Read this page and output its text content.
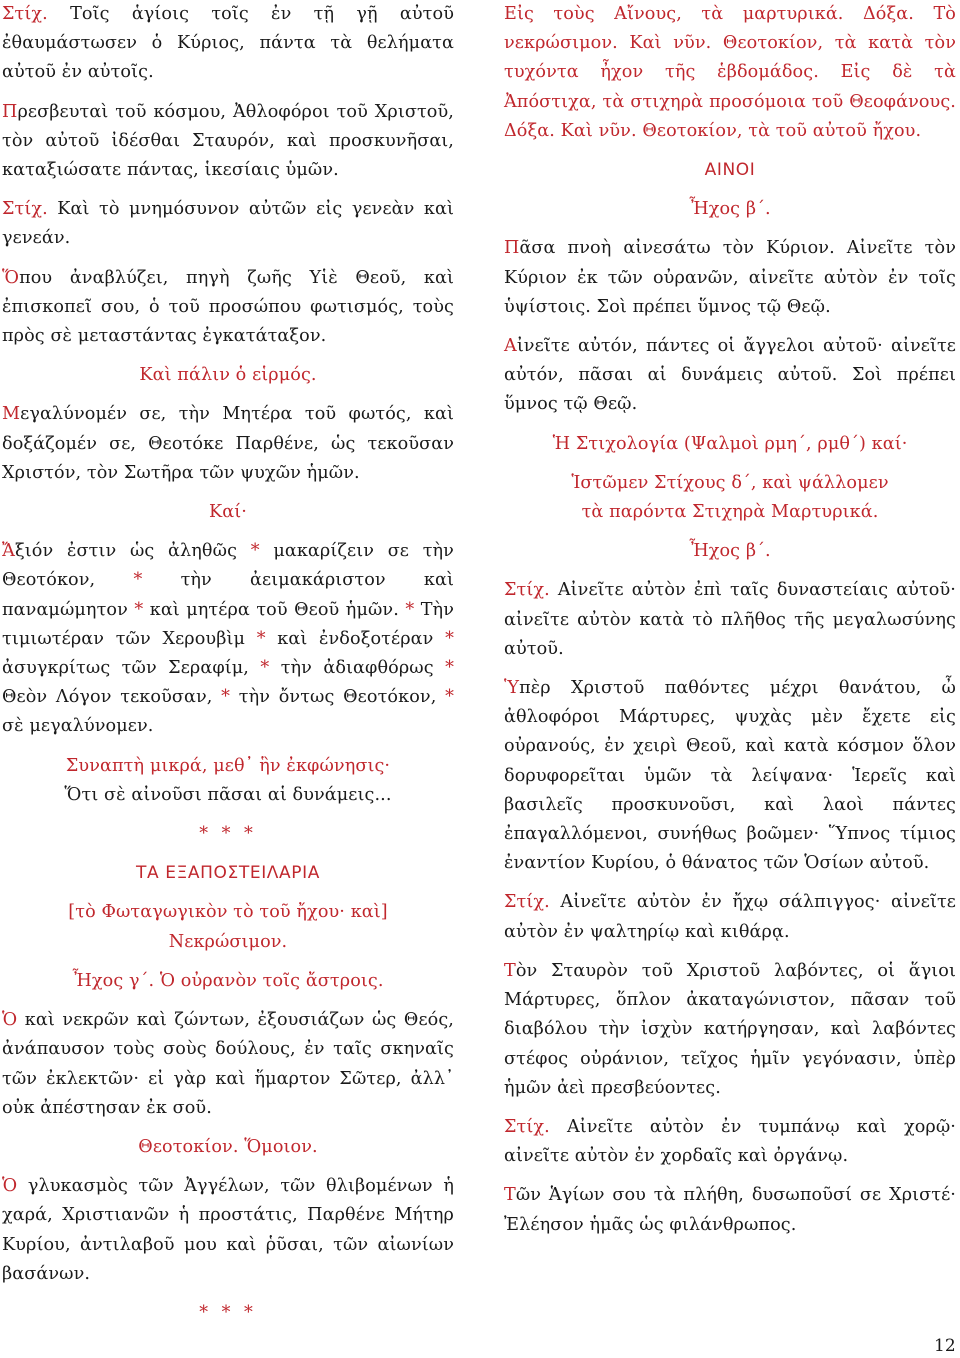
Στίχ. Τοῖς ἁγίοις τοῖς ἐν τῇ γῇ αὐτοῦ ἐθαυμάστωσεν ὁ Κύριος, πάντα τὰ θελήματα αὐτοῦ ἐν αὐτοῖς.

Πρεσβευταὶ τοῦ κόσμου, Ἀθλοφόροι τοῦ Χριστοῦ, τὸν αὐτοῦ ἰδέσθαι Σταυρόν, καὶ προσκυνῆσαι, καταξιώσατε πάντας, ἱκεσίαις ὑμῶν.

Στίχ. Καὶ τὸ μνημόσυνον αὐτῶν εἰς γενεὰν καὶ γενεάν.

Ὅπου ἀναβλύζει, πηγὴ ζωῆς Υἱὲ Θεοῦ, καὶ ἐπισκοπεῖ σου, ὁ τοῦ προσώπου φωτισμός, τοὺς πρὸς σὲ μεταστάντας ἐγκατάταξον.

Καὶ πάλιν ὁ εἱρμός.

Μεγαλύνομέν σε, τὴν Μητέρα τοῦ φωτός, καὶ δοξάζομέν σε, Θεοτόκε Παρθένε, ὡς τεκοῦσαν Χριστόν, τὸν Σωτῆρα τῶν ψυχῶν ἡμῶν.

Καί·

Ἄξιόν ἐστιν ὡς ἀληθῶς * μακαρίζειν σε τὴν Θεοτόκον, * τὴν ἀειμακάριστον καὶ παναμώμητον * καὶ μητέρα τοῦ Θεοῦ ἡμῶν. * Τὴν τιμιωτέραν τῶν Χερουβὶμ * καὶ ἐνδοξοτέραν * ἀσυγκρίτως τῶν Σεραφίμ, * τὴν ἀδιαφθόρως * Θεὸν Λόγον τεκοῦσαν, * τὴν ὄντως Θεοτόκον, * σὲ μεγαλύνομεν.

Συναπτὴ μικρά, μεθ᾽ ἣν ἐκφώνησις·

Ὅτι σὲ αἰνοῦσι πᾶσαι αἱ δυνάμεις...

* * *

ΤΑ ΕΞΑΠΟΣΤΕΙΛΑΡΙΑ

[τὸ Φωταγωγικὸν τὸ τοῦ ἤχου· καὶ]

Νεκρώσιμον.

Ἦχος γ΄. Ὁ οὐρανὸν τοῖς ἄστροις.

Ὁ καὶ νεκρῶν καὶ ζώντων, ἐξουσιάζων ὡς Θεός, ἀνάπαυσον τοὺς σοὺς δούλους, ἐν ταῖς σκηναῖς τῶν ἐκλεκτῶν· εἰ γὰρ καὶ ἥμαρτον Σῶτερ, ἀλλ᾽ οὐκ ἀπέστησαν ἐκ σοῦ.

Θεοτοκίον. Ὅμοιον.

Ὁ γλυκασμὸς τῶν Ἀγγέλων, τῶν θλιβομένων ἡ χαρά, Χριστιανῶν ἡ προστάτις, Παρθένε Μήτηρ Κυρίου, ἀντιλαβοῦ μου καὶ ῥῦσαι, τῶν αἰωνίων βασάνων.

* * *

Εἰς τοὺς Αἴνους, τὰ μαρτυρικά. Δόξα. Τὸ νεκρώσιμον. Καὶ νῦν. Θεοτοκίον, τὰ κατὰ τὸν τυχόντα ἦχον τῆς ἑβδομάδος. Εἰς δὲ τὰ Ἀπόστιχα, τὰ στιχηρὰ προσόμοια τοῦ Θεοφάνους. Δόξα. Καὶ νῦν. Θεοτοκίον, τὰ τοῦ αὐτοῦ ἤχου.

ΑΙΝΟΙ

Ἦχος β΄.

Πᾶσα πνοὴ αἰνεσάτω τὸν Κύριον. Αἰνεῖτε τὸν Κύριον ἐκ τῶν οὐρανῶν, αἰνεῖτε αὐτὸν ἐν τοῖς ὑψίστοις. Σοὶ πρέπει ὕμνος τῷ Θεῷ.

Αἰνεῖτε αὐτόν, πάντες οἱ ἄγγελοι αὐτοῦ· αἰνεῖτε αὐτόν, πᾶσαι αἱ δυνάμεις αὐτοῦ. Σοὶ πρέπει ὕμνος τῷ Θεῷ.

Ἡ Στιχολογία (Ψαλμοὶ ρμη΄, ρμθ΄) καί·

Ἱστῶμεν Στίχους δ΄, καὶ ψάλλομεν

τὰ παρόντα Στιχηρὰ Μαρτυρικά.

Ἦχος β΄.

Στίχ. Αἰνεῖτε αὐτὸν ἐπὶ ταῖς δυναστείαις αὐτοῦ· αἰνεῖτε αὐτὸν κατὰ τὸ πλῆθος τῆς μεγαλωσύνης αὐτοῦ.

Ὑπὲρ Χριστοῦ παθόντες μέχρι θανάτου, ὦ ἀθλοφόροι Μάρτυρες, ψυχὰς μὲν ἔχετε εἰς οὐρανούς, ἐν χειρὶ Θεοῦ, καὶ κατὰ κόσμον ὅλον δορυφορεῖται ὑμῶν τὰ λείψανα· Ἱερεῖς καὶ βασιλεῖς προσκυνοῦσι, καὶ λαοὶ πάντες ἐπαγαλλόμενοι, συνήθως βοῶμεν· Ὕπνος τίμιος ἐναντίον Κυρίου, ὁ θάνατος τῶν Ὁσίων αὐτοῦ.

Στίχ. Αἰνεῖτε αὐτὸν ἐν ἤχῳ σάλπιγγος· αἰνεῖτε αὐτὸν ἐν ψαλτηρίῳ καὶ κιθάρᾳ.

Τὸν Σταυρὸν τοῦ Χριστοῦ λαβόντες, οἱ ἅγιοι Μάρτυρες, ὅπλον ἀκαταγώνιστον, πᾶσαν τοῦ διαβόλου τὴν ἰσχὺν κατήργησαν, καὶ λαβόντες στέφος οὐράνιον, τεῖχος ἡμῖν γεγόνασιν, ὑπὲρ ἡμῶν ἀεὶ πρεσβεύοντες.

Στίχ. Αἰνεῖτε αὐτὸν ἐν τυμπάνῳ καὶ χορῷ· αἰνεῖτε αὐτὸν ἐν χορδαῖς καὶ ὀργάνῳ.

Τῶν Ἁγίων σου τὰ πλήθη, δυσωποῦσί σε Χριστέ· Ἐλέησον ἡμᾶς ὡς φιλάνθρωπος.

12
